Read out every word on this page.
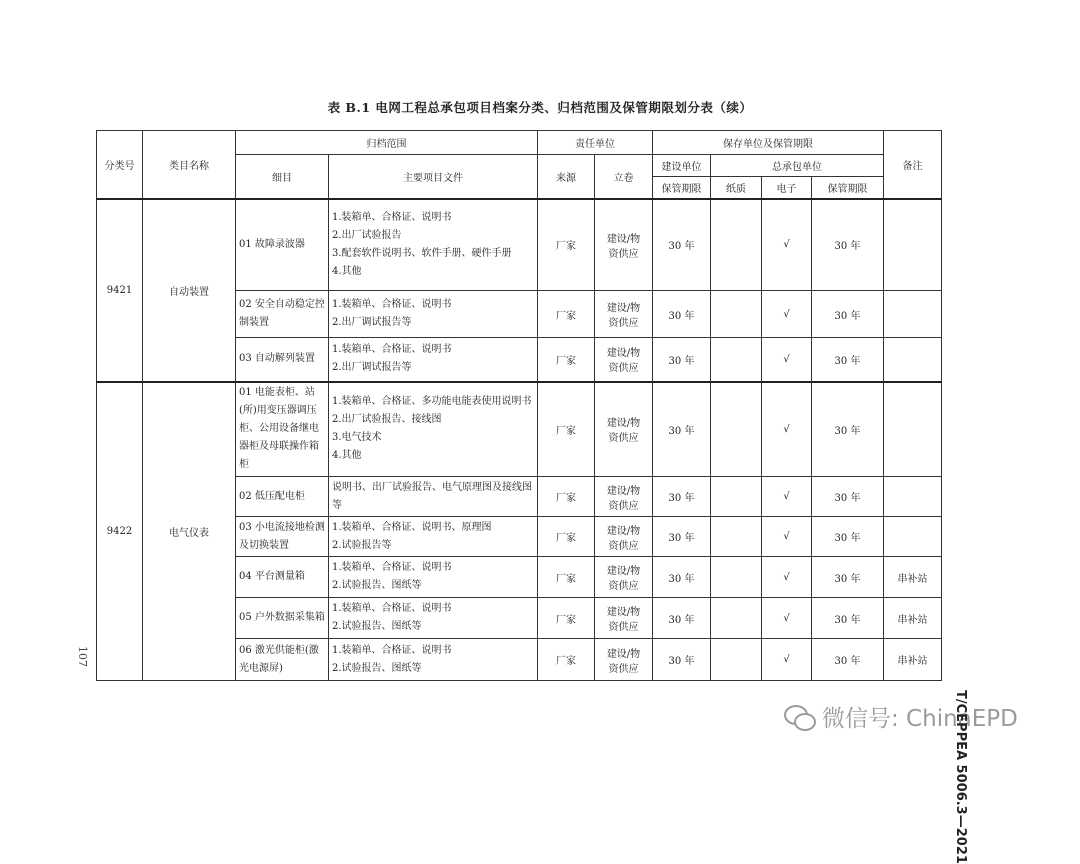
表 B.1 电网工程总承包项目档案分类、归档范围及保管期限划分表（续）
分类号	类目名称	归档范围		责任单位		保存单位及保管期限				备注
		细目	主要项目文件	来源	立卷	建设单位	总承包单位			
						保管期限	纸质	电子	保管期限	
9421	自动装置	01 故障录波器	1.装箱单、合格证、说明书
2.出厂试验报告
3.配套软件说明书、软件手册、硬件手册
4.其他	厂家	建设/物资供应	30 年		√	30 年	
		02 安全自动稳定控制装置	1.装箱单、合格证、说明书
2.出厂调试报告等	厂家	建设/物资供应	30 年		√	30 年	
		03 自动解列装置	1.装箱单、合格证、说明书
2.出厂调试报告等	厂家	建设/物资供应	30 年		√	30 年	
9422	电气仪表	01 电能表柜、站(所)用变压器调压柜、公用设备继电器柜及母联操作箱柜	1.装箱单、合格证、多功能电能表使用说明书
2.出厂试验报告、接线图
3.电气技术
4.其他	厂家	建设/物资供应	30 年		√	30 年	
		02 低压配电柜	说明书、出厂试验报告、电气原理图及接线图等	厂家	建设/物资供应	30 年		√	30 年	
		03 小电流接地检测及切换装置	1.装箱单、合格证、说明书、原理图
2.试验报告等	厂家	建设/物资供应	30 年		√	30 年	
		04 平台测量箱	1.装箱单、合格证、说明书
2.试验报告、图纸等	厂家	建设/物资供应	30 年		√	30 年	串补站
		05 户外数据采集箱	1.装箱单、合格证、说明书
2.试验报告、图纸等	厂家	建设/物资供应	30 年		√	30 年	串补站
		06 激光供能柜(激光电源屏)	1.装箱单、合格证、说明书
2.试验报告、图纸等	厂家	建设/物资供应	30 年		√	30 年	串补站
微信号: ChinaEPD
T/CEPPEA 5006.3—2021
107
